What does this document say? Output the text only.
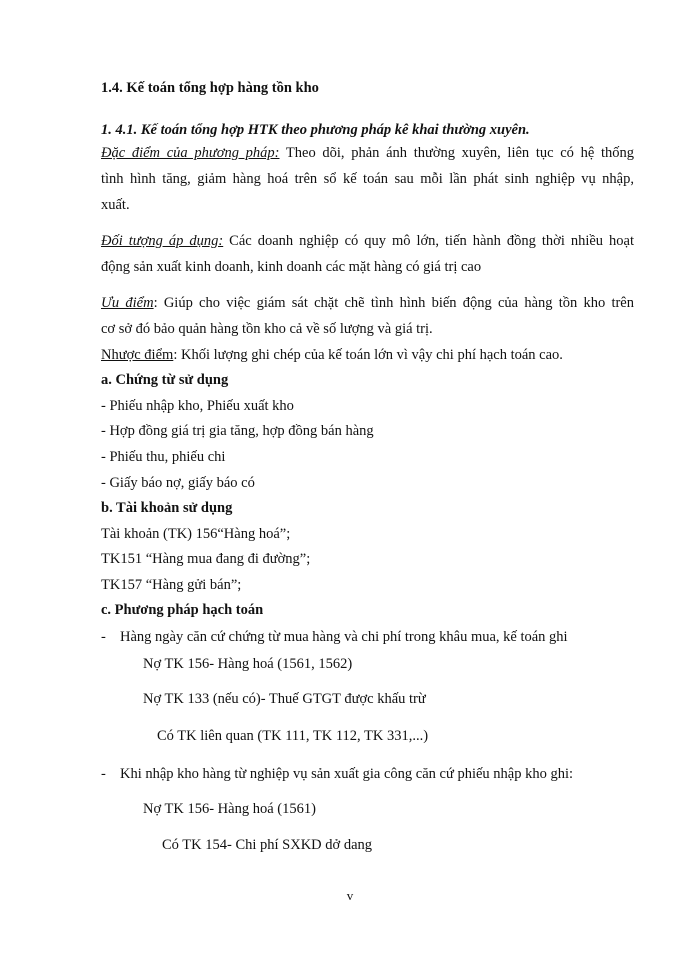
1.4. Kế toán tổng hợp hàng tồn kho
1. 4.1. Kế toán tổng hợp HTK theo phương pháp kê khai thường xuyên.
Đặc điểm của phương pháp: Theo dõi, phản ánh thường xuyên, liên tục có hệ thống
tình hình tăng, giảm hàng hoá trên sổ kế toán sau mỗi lần phát sinh nghiệp vụ nhập,
xuất.
Đối tượng áp dụng: Các doanh nghiệp có quy mô lớn, tiến hành đồng thời nhiều hoạt
động sản xuất kinh doanh, kinh doanh các mặt hàng có giá trị cao
Ưu điểm: Giúp cho việc giám sát chặt chẽ tình hình biến động của hàng tồn kho trên
cơ sở đó bảo quản hàng tồn kho cả về số lượng và giá trị.
Nhược điểm: Khối lượng ghi chép của kế toán lớn vì vậy chi phí hạch toán cao.
a. Chứng từ sử dụng
- Phiếu nhập kho, Phiếu xuất kho
- Hợp đồng giá trị gia tăng, hợp đồng bán hàng
- Phiếu thu, phiếu chi
- Giấy báo nợ, giấy báo có
b. Tài khoản sử dụng
Tài khoản (TK) 156“Hàng hoá”;
TK151 “Hàng mua đang đi đường”;
TK157 “Hàng gửi bán”;
c. Phương pháp hạch toán
- Hàng ngày căn cứ chứng từ mua hàng và chi phí trong khâu mua, kế toán ghi
Nợ TK 156- Hàng hoá (1561, 1562)
Nợ TK 133 (nếu có)- Thuế GTGT được khấu trừ
Có TK liên quan (TK 111, TK 112, TK 331,...)
- Khi nhập kho hàng từ nghiệp vụ sản xuất gia công căn cứ phiếu nhập kho ghi:
Nợ TK 156- Hàng hoá (1561)
Có TK 154- Chi phí SXKD dở dang
v
